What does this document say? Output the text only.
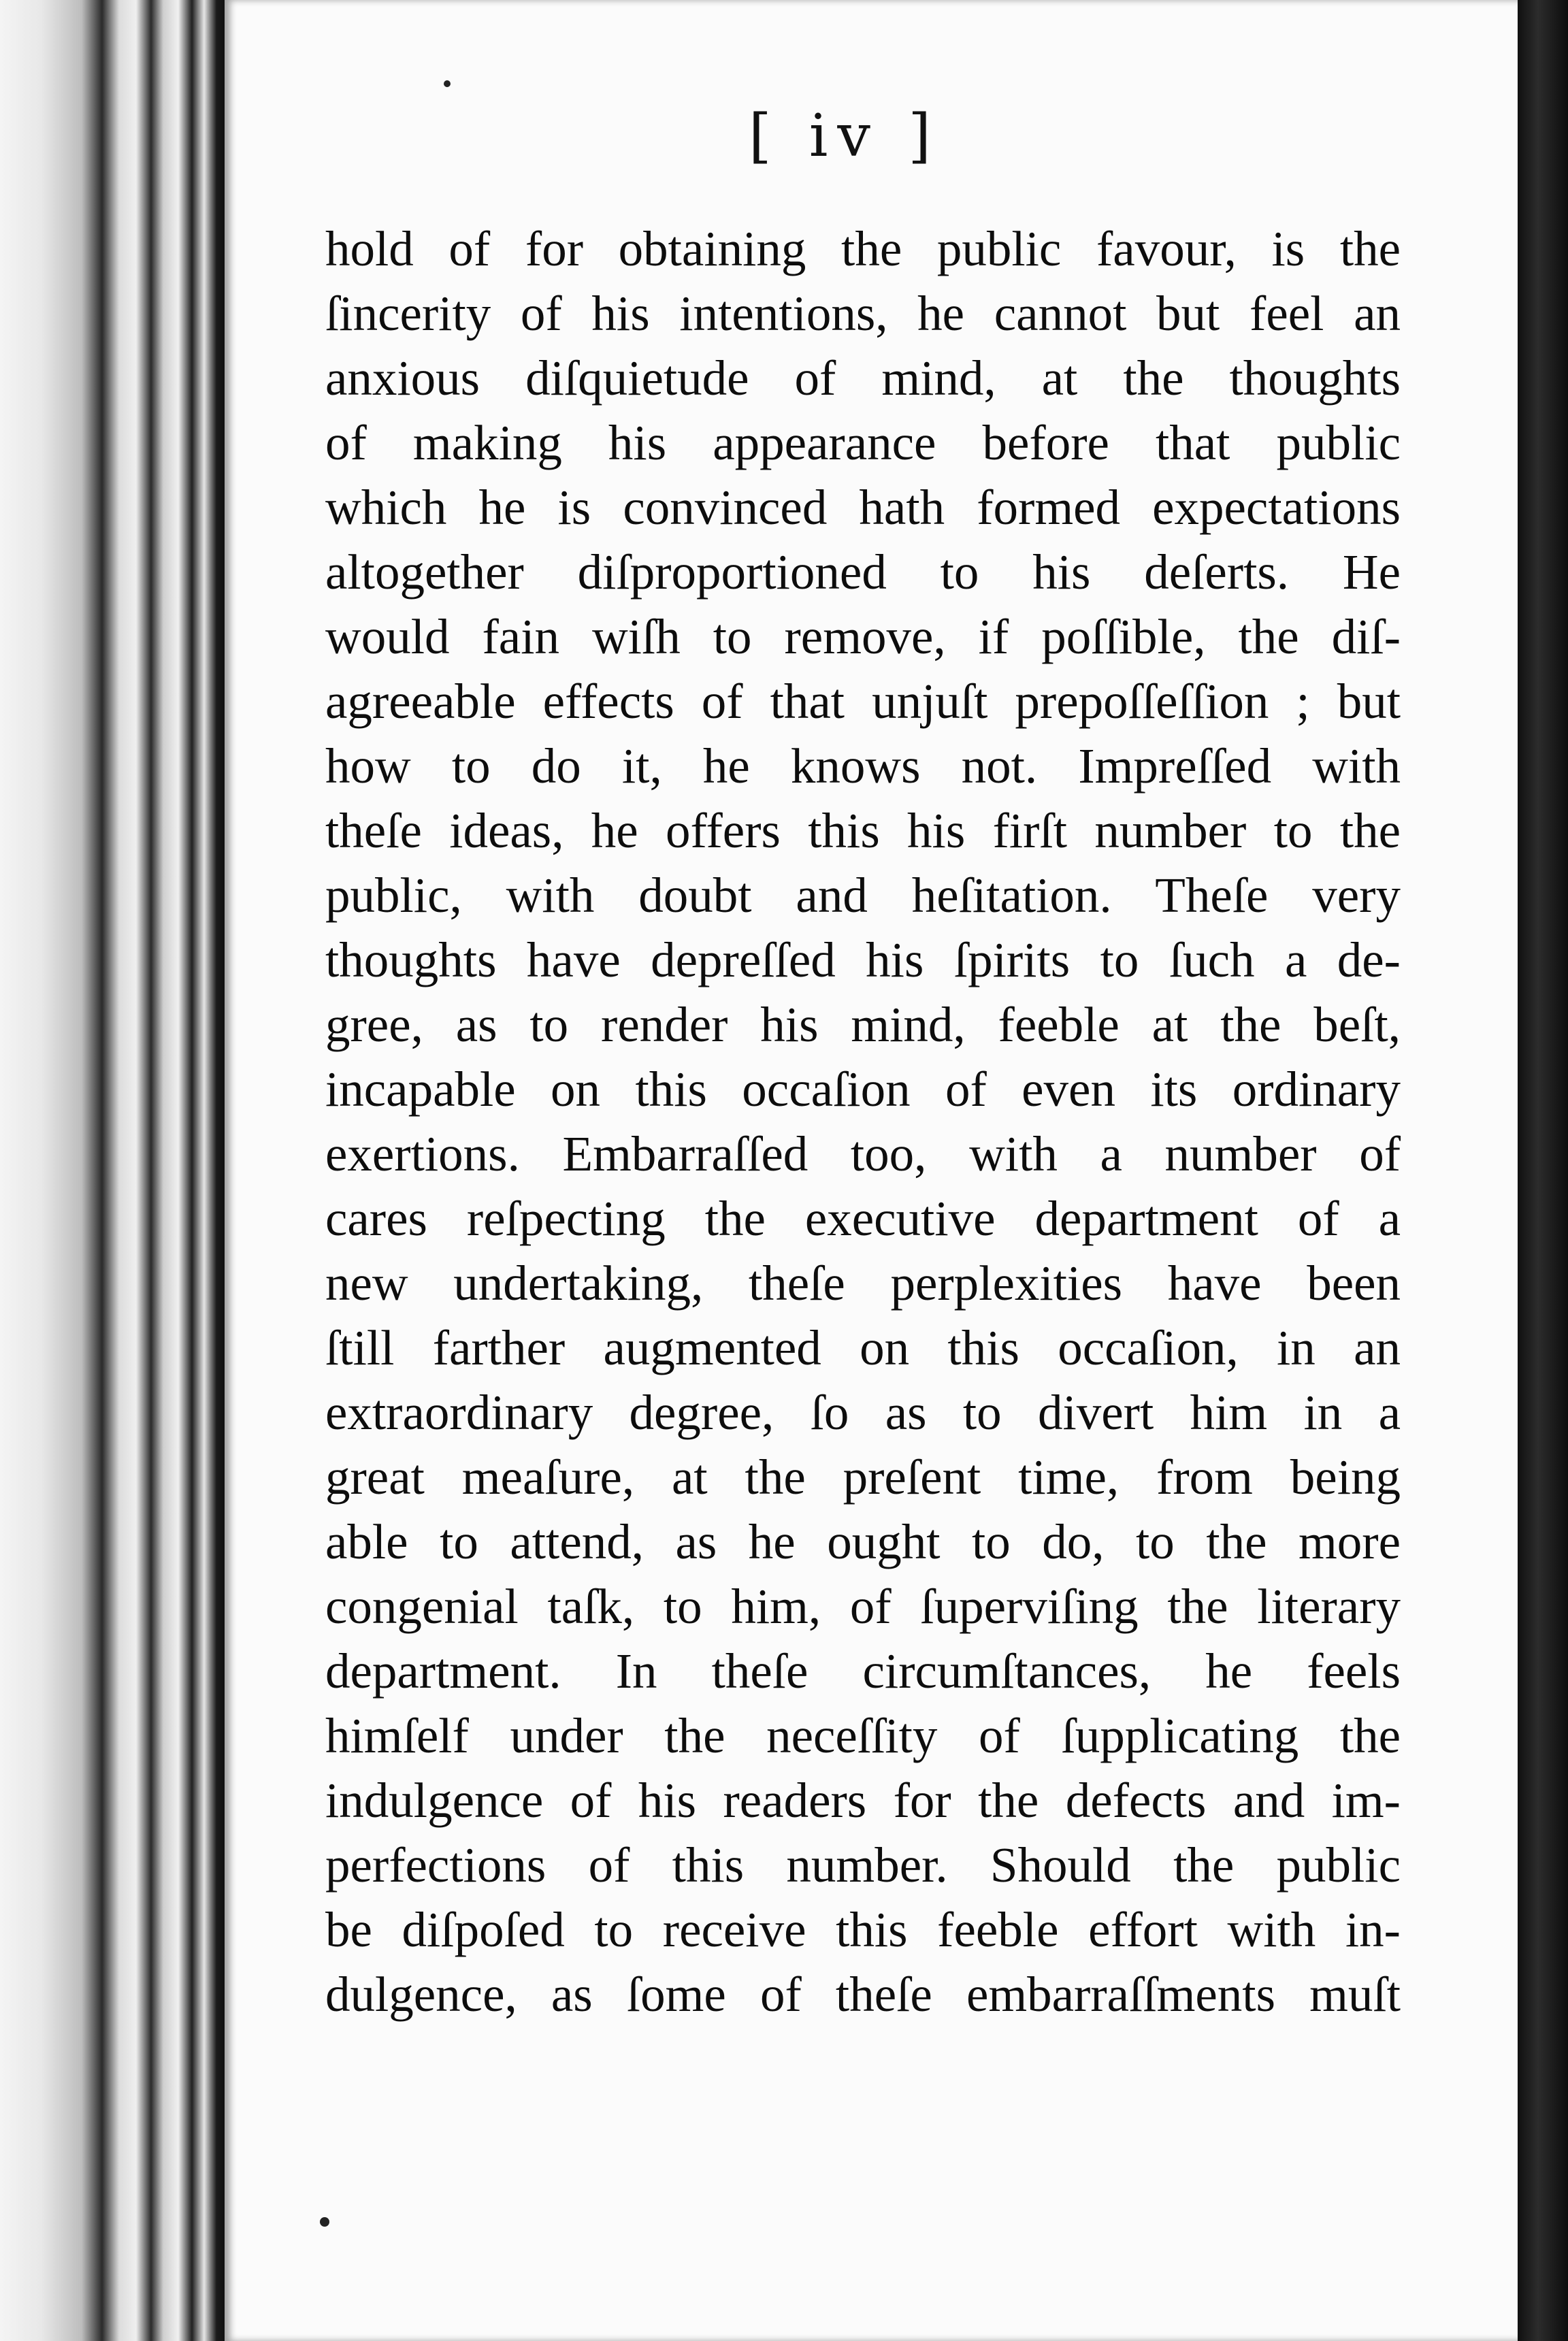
[ iv ]
hold of for obtaining the public favour, is the
ſincerity of his intentions, he cannot but feel an
anxious diſquietude of mind, at the thoughts
of making his appearance before that public
which he is convinced hath formed expectations
altogether diſproportioned to his deſerts. He
would fain wiſh to remove, if poſſible, the diſ-
agreeable effects of that unjuſt prepoſſeſſion ; but
how to do it, he knows not. Impreſſed with
theſe ideas, he offers this his firſt number to the
public, with doubt and heſitation. Theſe very
thoughts have depreſſed his ſpirits to ſuch a de-
gree, as to render his mind, feeble at the beſt,
incapable on this occaſion of even its ordinary
exertions. Embarraſſed too, with a number of
cares reſpecting the executive department of a
new undertaking, theſe perplexities have been
ſtill farther augmented on this occaſion, in an
extraordinary degree, ſo as to divert him in a
great meaſure, at the preſent time, from being
able to attend, as he ought to do, to the more
congenial taſk, to him, of ſuperviſing the literary
department. In theſe circumſtances, he feels
himſelf under the neceſſity of ſupplicating the
indulgence of his readers for the defects and im-
perfections of this number. Should the public
be diſpoſed to receive this feeble effort with in-
dulgence, as ſome of theſe embarraſſments muſt
